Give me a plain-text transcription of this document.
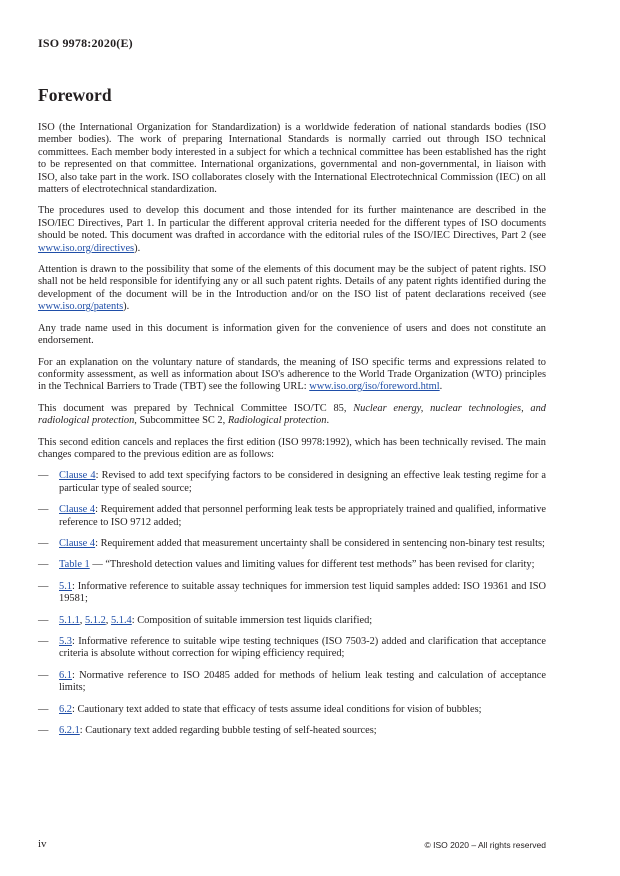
ISO 9978:2020(E)
Foreword

ISO (the International Organization for Standardization) is a worldwide federation of national standards bodies (ISO member bodies). The work of preparing International Standards is normally carried out through ISO technical committees. Each member body interested in a subject for which a technical committee has been established has the right to be represented on that committee. International organizations, governmental and non-governmental, in liaison with ISO, also take part in the work. ISO collaborates closely with the International Electrotechnical Commission (IEC) on all matters of electrotechnical standardization.

The procedures used to develop this document and those intended for its further maintenance are described in the ISO/IEC Directives, Part 1. In particular the different approval criteria needed for the different types of ISO documents should be noted. This document was drafted in accordance with the editorial rules of the ISO/IEC Directives, Part 2 (see www.iso.org/directives).

Attention is drawn to the possibility that some of the elements of this document may be the subject of patent rights. ISO shall not be held responsible for identifying any or all such patent rights. Details of any patent rights identified during the development of the document will be in the Introduction and/or on the ISO list of patent declarations received (see www.iso.org/patents).

Any trade name used in this document is information given for the convenience of users and does not constitute an endorsement.

For an explanation on the voluntary nature of standards, the meaning of ISO specific terms and expressions related to conformity assessment, as well as information about ISO's adherence to the World Trade Organization (WTO) principles in the Technical Barriers to Trade (TBT) see the following URL: www.iso.org/iso/foreword.html.

This document was prepared by Technical Committee ISO/TC 85, Nuclear energy, nuclear technologies, and radiological protection, Subcommittee SC 2, Radiological protection.

This second edition cancels and replaces the first edition (ISO 9978:1992), which has been technically revised. The main changes compared to the previous edition are as follows:

—	Clause 4: Revised to add text specifying factors to be considered in designing an effective leak testing regime for a particular type of sealed source;
—	Clause 4: Requirement added that personnel performing leak tests be appropriately trained and qualified, informative reference to ISO 9712 added;
—	Clause 4: Requirement added that measurement uncertainty shall be considered in sentencing non-binary test results;
—	Table 1 — “Threshold detection values and limiting values for different test methods” has been revised for clarity;
—	5.1: Informative reference to suitable assay techniques for immersion test liquid samples added: ISO 19361 and ISO 19581;
—	5.1.1, 5.1.2, 5.1.4: Composition of suitable immersion test liquids clarified;
—	5.3: Informative reference to suitable wipe testing techniques (ISO 7503-2) added and clarification that acceptance criteria is absolute without correction for wiping efficiency required;
—	6.1: Normative reference to ISO 20485 added for methods of helium leak testing and calculation of acceptance limits;
—	6.2: Cautionary text added to state that efficacy of tests assume ideal conditions for vision of bubbles;
—	6.2.1: Cautionary text added regarding bubble testing of self-heated sources;
iv	© ISO 2020 – All rights reserved
